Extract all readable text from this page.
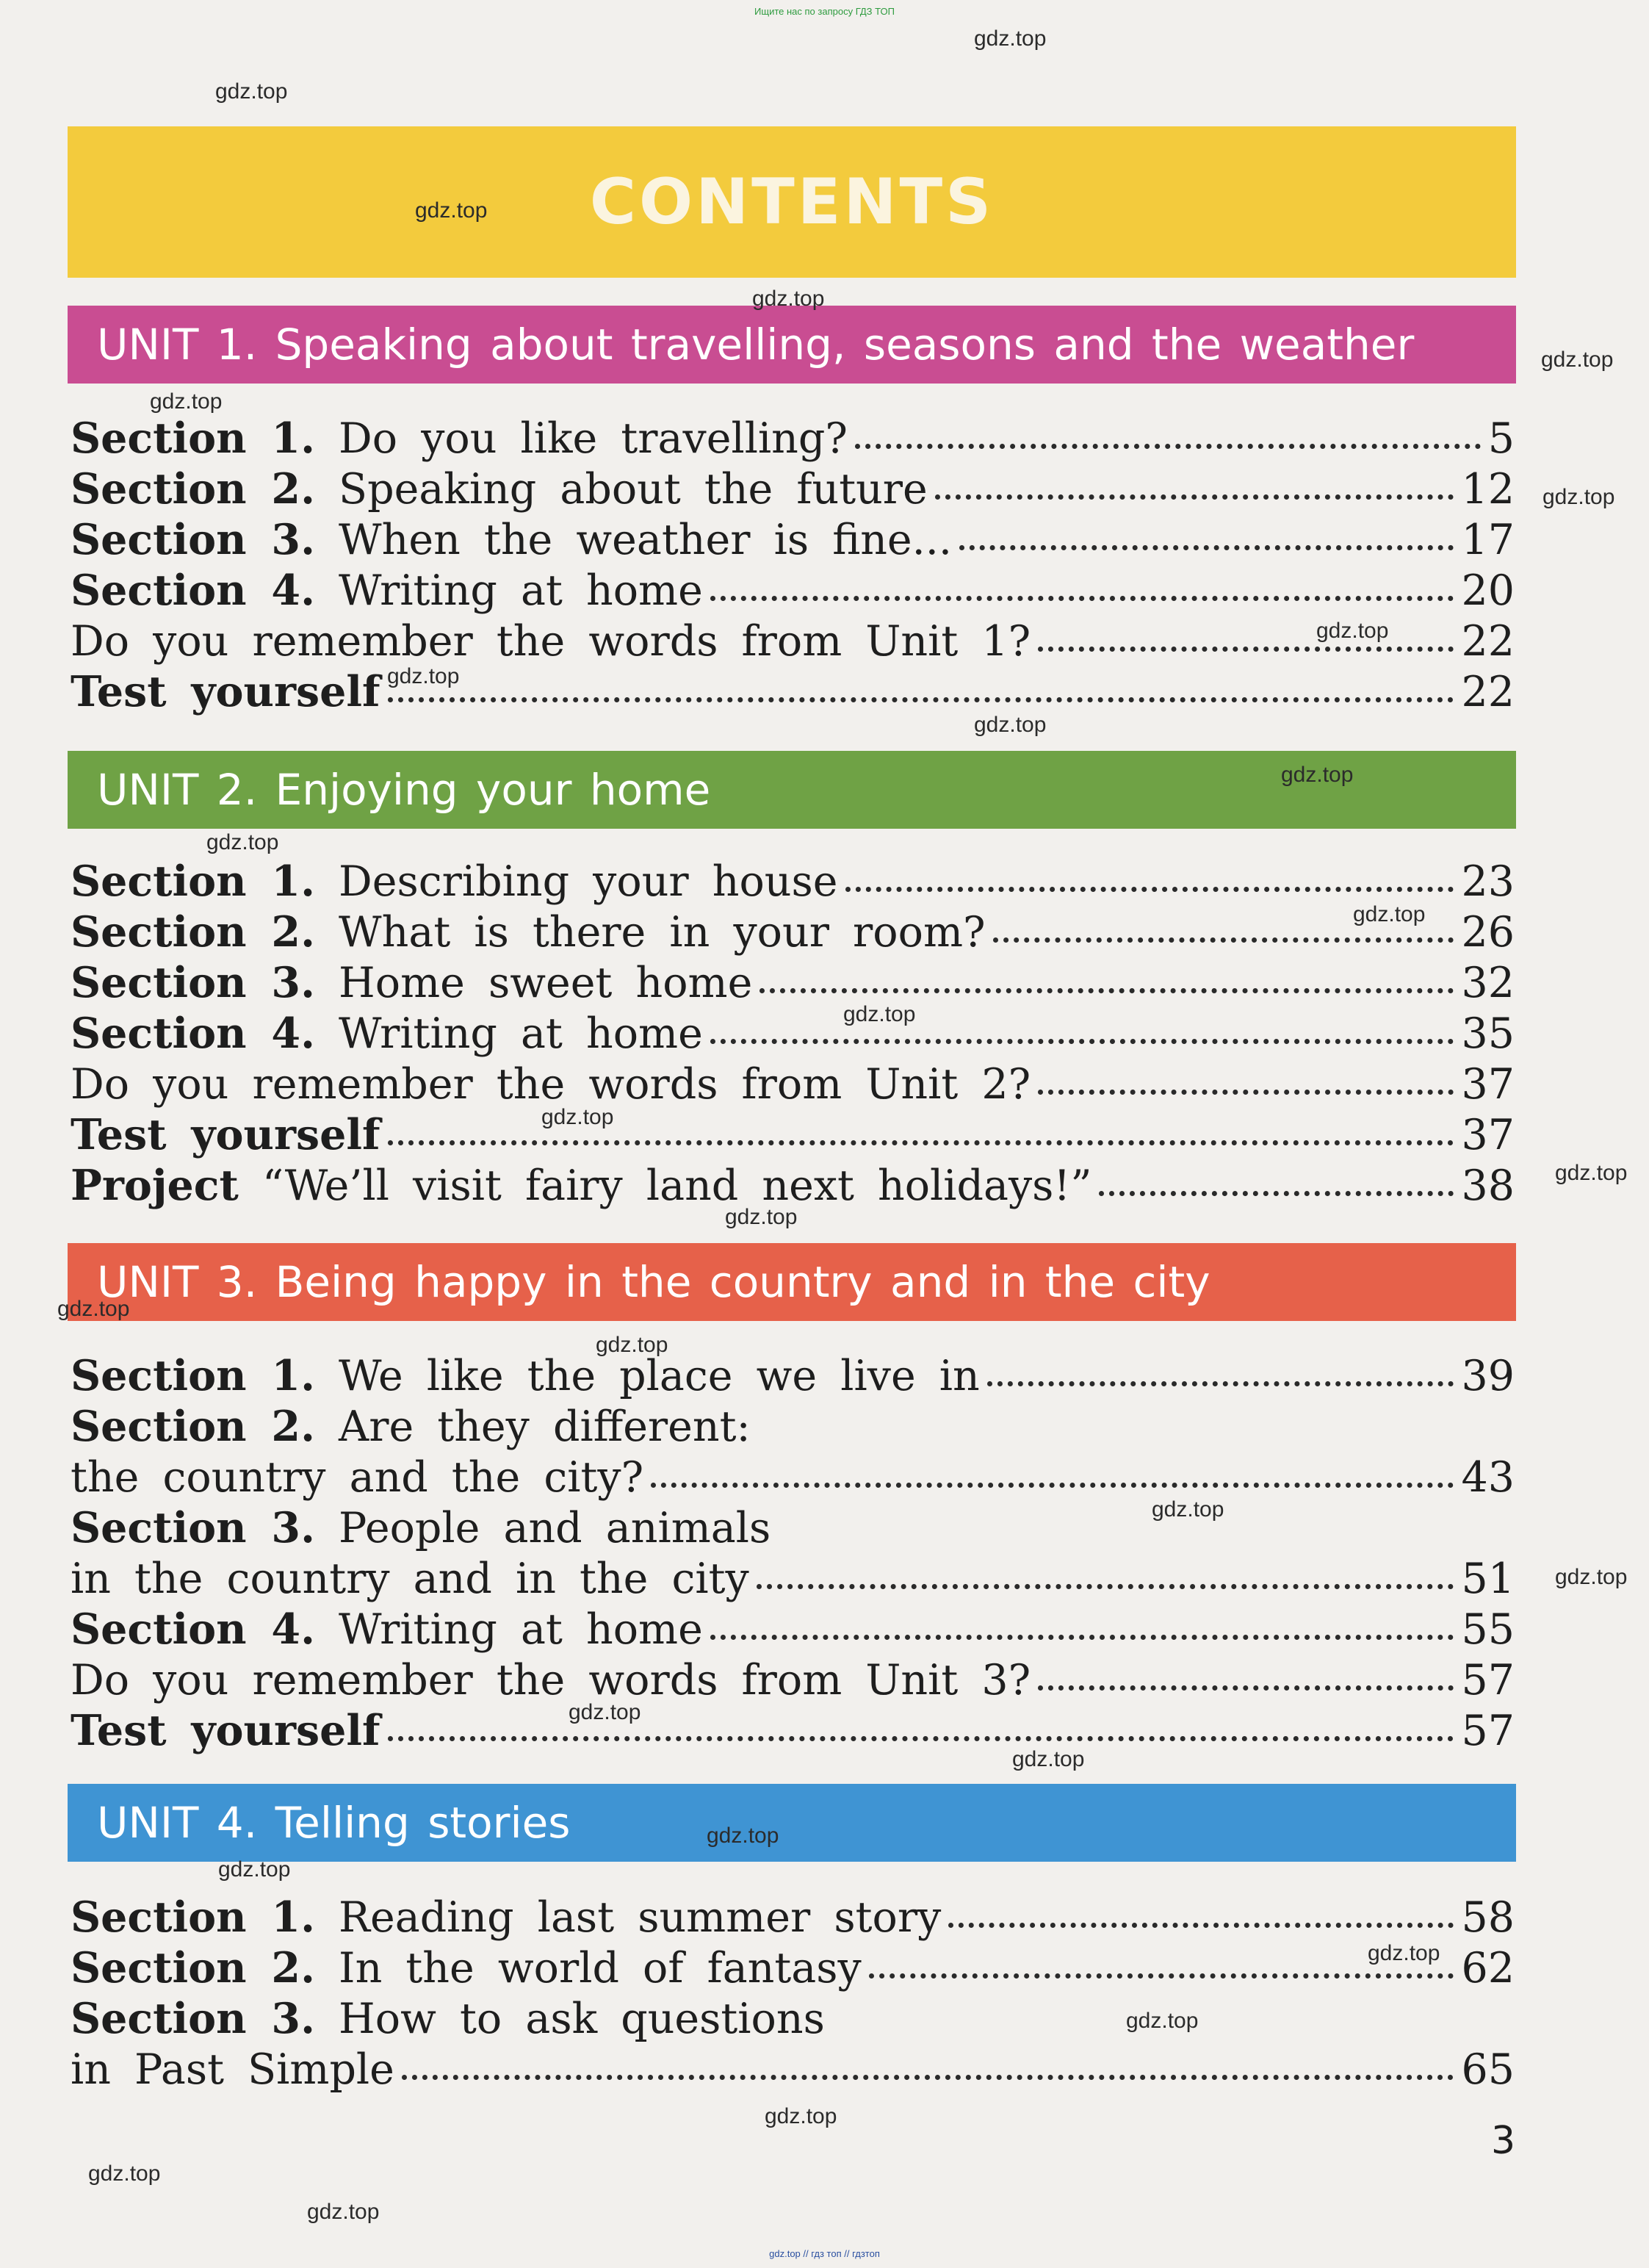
Ищите нас по запросу ГДЗ ТОП
CONTENTS
UNIT 1. Speaking about travelling, seasons and the weather
Section 1. Do you like travelling?	5
Section 2. Speaking about the future	12
Section 3. When the weather is fine...	17
Section 4. Writing at home	20
Do you remember the words from Unit 1?	22
Test yourself	22
UNIT 2. Enjoying your home
Section 1. Describing your house	23
Section 2. What is there in your room?	26
Section 3. Home sweet home	32
Section 4. Writing at home	35
Do you remember the words from Unit 2?	37
Test yourself	37
Project “We’ll visit fairy land next holidays!”	38
UNIT 3. Being happy in the country and in the city
Section 1. We like the place we live in	39
Section 2. Are they different:
the country and the city?	43
Section 3. People and animals
in the country and in the city	51
Section 4. Writing at home	55
Do you remember the words from Unit 3?	57
Test yourself	57
UNIT 4. Telling stories
Section 1. Reading last summer story	58
Section 2. In the world of fantasy	62
Section 3. How to ask questions
in Past Simple	65
3
gdz.top
gdz.top
gdz.top
gdz.top
gdz.top
gdz.top
gdz.top
gdz.top
gdz.top
gdz.top
gdz.top
gdz.top
gdz.top
gdz.top
gdz.top
gdz.top
gdz.top
gdz.top
gdz.top
gdz.top
gdz.top
gdz.top
gdz.top
gdz.top
gdz.top
gdz.top
gdz.top
gdz.top
gdz.top
gdz.top
gdz.top // гдз топ // гдзтоп
